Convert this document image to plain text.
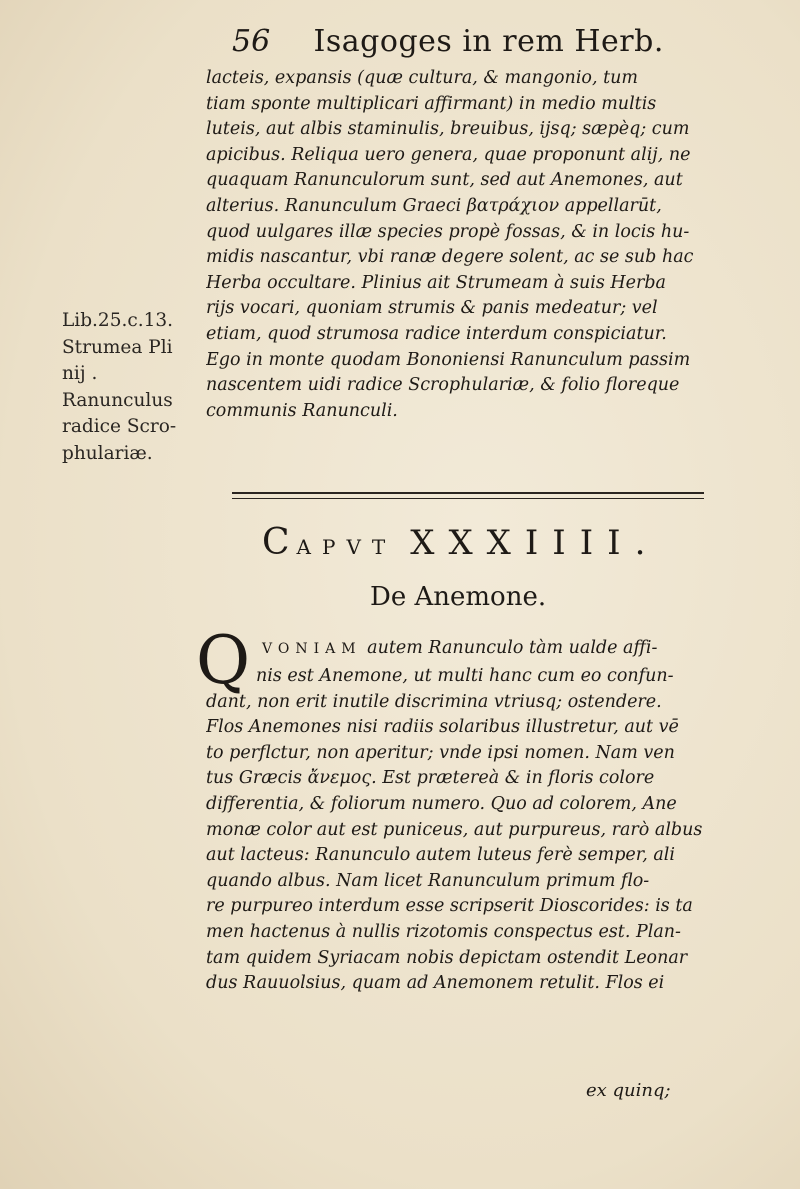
56 Isagoges in rem Herb.
lacteis, expansis (quæ cultura, & mangonio, tum
tiam sponte multiplicari affirmant) in medio multis
luteis, aut albis staminulis, breuibus, ijsq; sæpèq; cum
apicibus. Reliqua uero genera, quae proponunt alij, ne
quaquam Ranunculorum sunt, sed aut Anemones, aut
alterius. Ranunculum Graeci βατράχιον appellarūt,
quod uulgares illæ species propè fossas, & in locis hu-
midis nascantur, vbi ranæ degere solent, ac se sub hac
Herba occultare. Plinius ait Strumeam à suis Herba
rijs vocari, quoniam strumis & panis medeatur; vel
etiam, quod strumosa radice interdum conspiciatur.
Ego in monte quodam Bononiensi Ranunculum passim
nascentem uidi radice Scrophulariæ, & folio floreque
communis Ranunculi.
Lib.25.c.13.
Strumea Pli
nij .
Ranunculus
radice Scro-
phulariæ.
CAPVT XXXIIII.
De Anemone.
Q VONIAM autem Ranunculo tàm ualde affi-
nis est Anemone, ut multi hanc cum eo confun-
dant, non erit inutile discrimina vtriusq; ostendere.
Flos Anemones nisi radiis solaribus illustretur, aut vē
to perflctur, non aperitur; vnde ipsi nomen. Nam ven
tus Græcis ἄνεμος. Est prætereà & in floris colore
differentia, & foliorum numero. Quo ad colorem, Ane
monæ color aut est puniceus, aut purpureus, rarò albus
aut lacteus: Ranunculo autem luteus ferè semper, ali
quando albus. Nam licet Ranunculum primum flo-
re purpureo interdum esse scripserit Dioscorides: is ta
men hactenus à nullis rizotomis conspectus est. Plan-
tam quidem Syriacam nobis depictam ostendit Leonar
dus Rauuolsius, quam ad Anemonem retulit. Flos ei
ex quinq;
